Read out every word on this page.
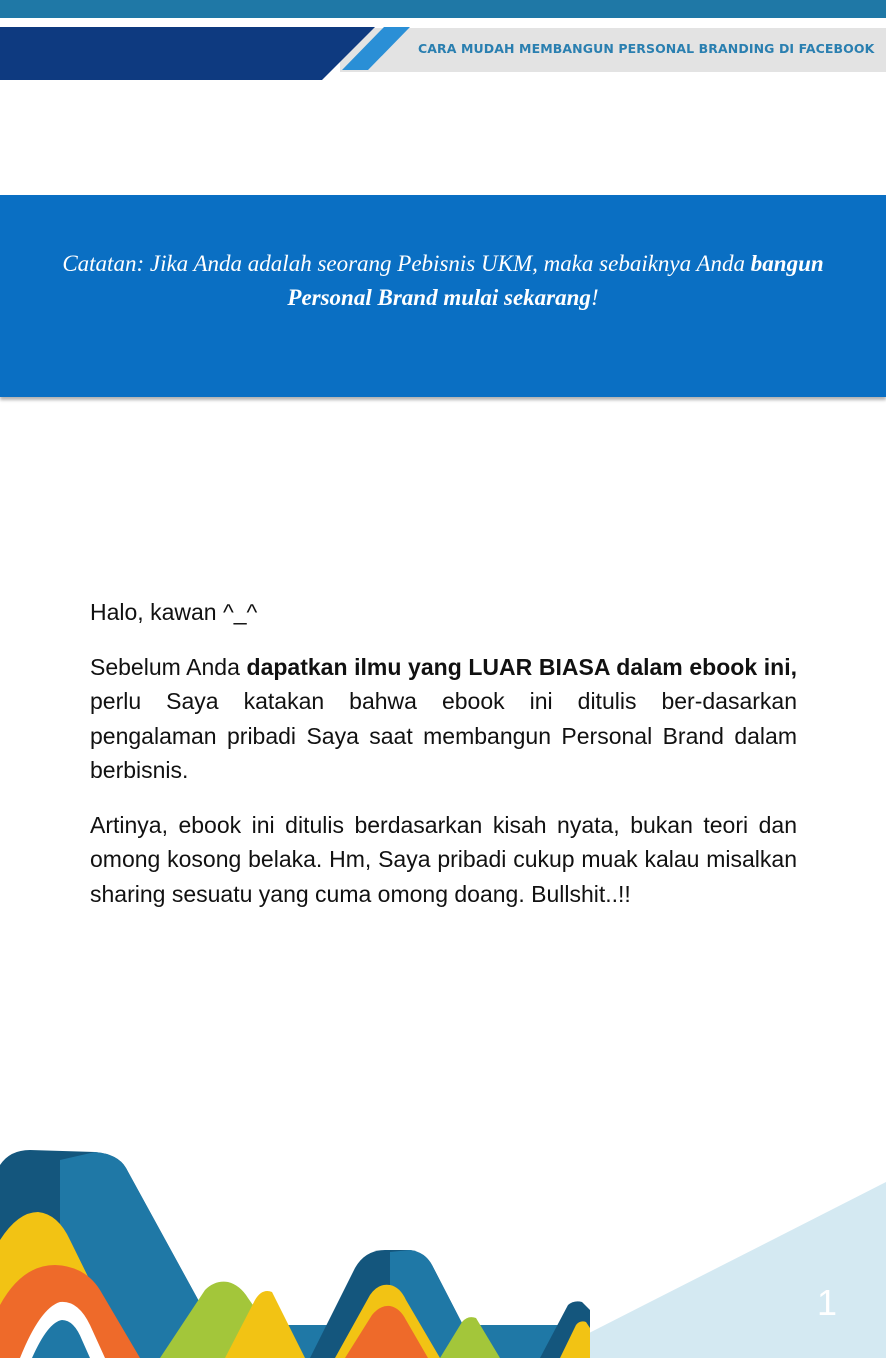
CARA MUDAH MEMBANGUN PERSONAL BRANDING DI FACEBOOK
Catatan: Jika Anda adalah seorang Pebisnis UKM, maka sebaiknya Anda bangun Personal Brand mulai sekarang!

Halo, kawan ^_^

Sebelum Anda dapatkan ilmu yang LUAR BIASA dalam ebook ini, perlu Saya katakan bahwa ebook ini ditulis ber-dasarkan pengalaman pribadi Saya saat membangun Personal Brand dalam berbisnis.

Artinya, ebook ini ditulis berdasarkan kisah nyata, bukan teori dan omong kosong belaka. Hm, Saya pribadi cukup muak kalau misalkan sharing sesuatu yang cuma omong doang. Bullshit..!!

1
